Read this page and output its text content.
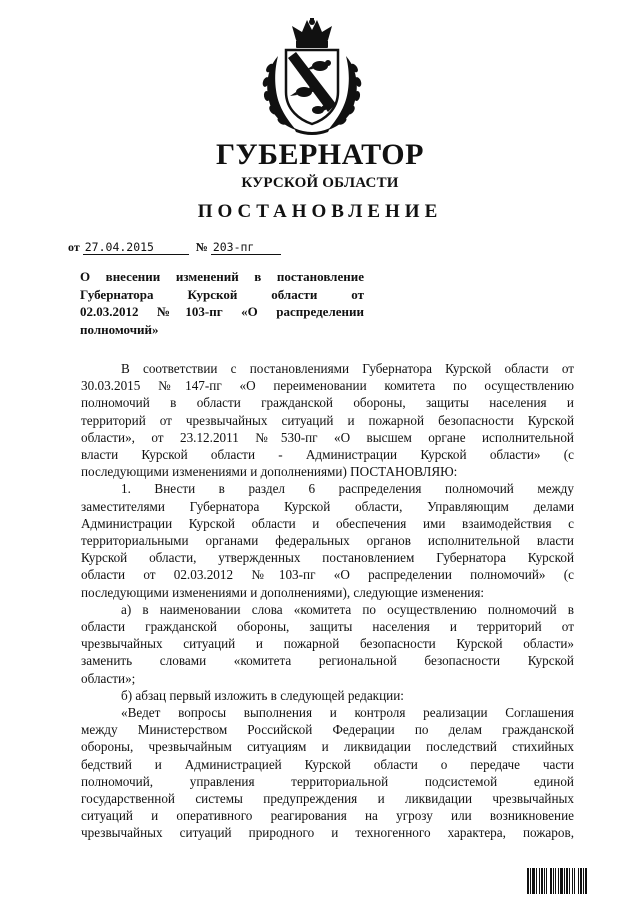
ГУБЕРНАТОР
КУРСКОЙ ОБЛАСТИ
ПОСТАНОВЛЕНИЕ
от 27.04.2015	№ 203-пг
О внесении изменений в постановление
Губернатора Курской области от
02.03.2012 №103-пг «О распределении
полномочий»

В соответствии с постановлениями Губернатора Курской области от

30.03.2015 №147-пг «О переименовании комитета по осуществлению

полномочий в области гражданской обороны, защиты населения и

территорий от чрезвычайных ситуаций и пожарной безопасности Курской

области», от 23.12.2011 №530-пг «О высшем органе исполнительной

власти Курской области - Администрации Курской области» (с

последующими изменениями и дополнениями) ПОСТАНОВЛЯЮ:

1. Внести в раздел 6 распределения полномочий между

заместителями Губернатора Курской области, Управляющим делами

Администрации Курской области и обеспечения ими взаимодействия с

территориальными органами федеральных органов исполнительной власти

Курской области, утвержденных постановлением Губернатора Курской

области от 02.03.2012 №103-пг «О распределении полномочий» (с

последующими изменениями и дополнениями), следующие изменения:

а) в наименовании слова «комитета по осуществлению полномочий в

области гражданской обороны, защиты населения и территорий от

чрезвычайных ситуаций и пожарной безопасности Курской области»

заменить словами «комитета региональной безопасности Курской

области»;

б) абзац первый изложить в следующей редакции:

«Ведет вопросы выполнения и контроля реализации Соглашения

между Министерством Российской Федерации по делам гражданской

обороны, чрезвычайным ситуациям и ликвидации последствий стихийных

бедствий и Администрацией Курской области о передаче части

полномочий, управления территориальной подсистемой единой

государственной системы предупреждения и ликвидации чрезвычайных

ситуаций и оперативного реагирования на угрозу или возникновение

чрезвычайных ситуаций природного и техногенного характера, пожаров,
